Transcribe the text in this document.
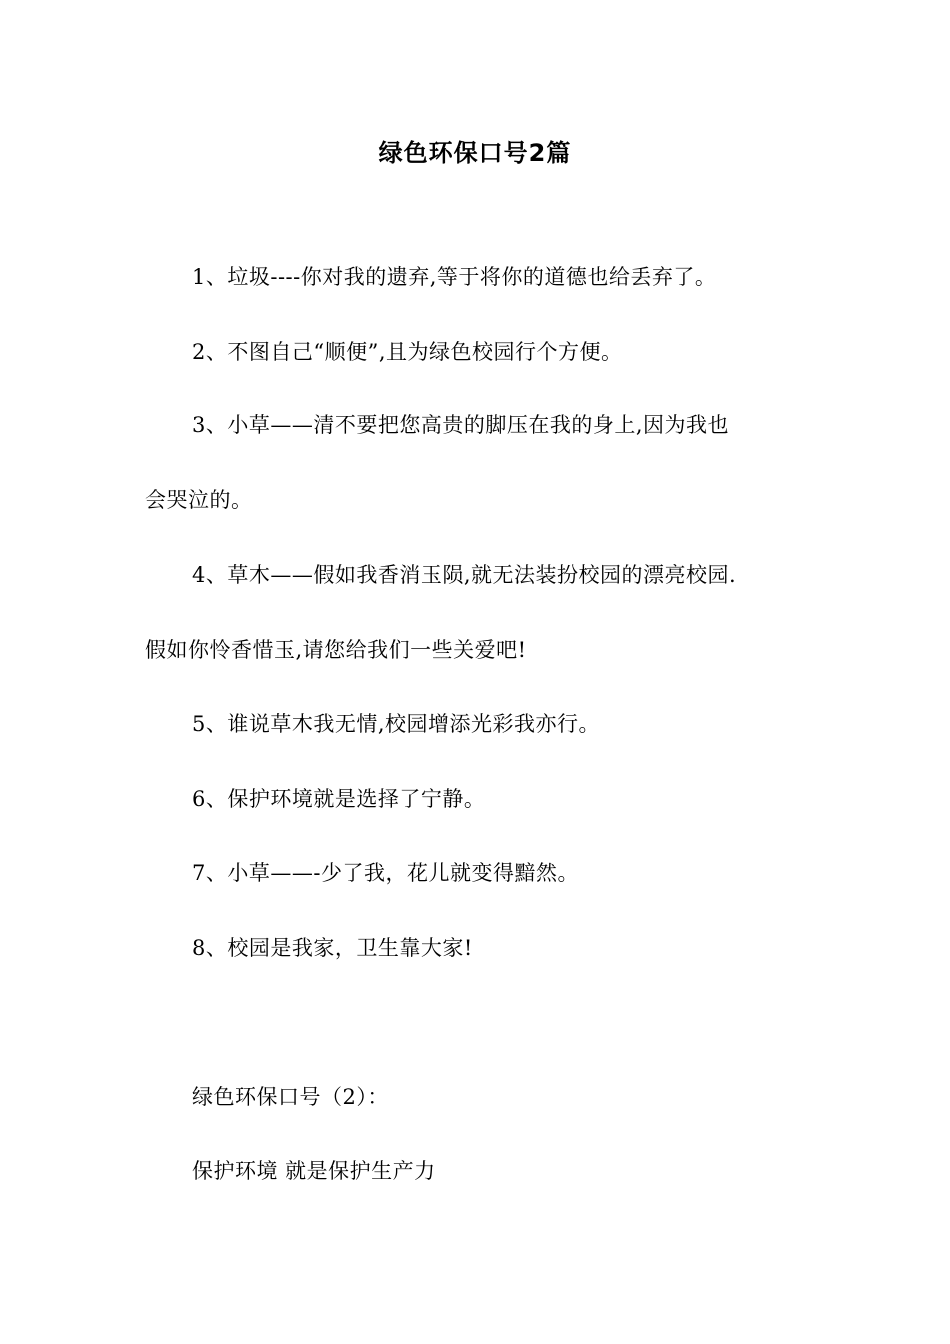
绿色环保口号2篇
1、垃圾----你对我的遗弃,等于将你的道德也给丢弃了。
2、不图自己“顺便”,且为绿色校园行个方便。
3、小草——清不要把您高贵的脚压在我的身上,因为我也
会哭泣的。
4、草木——假如我香消玉陨,就无法装扮校园的漂亮校园.
假如你怜香惜玉,请您给我们一些关爱吧!
5、谁说草木我无情,校园增添光彩我亦行。
6、保护环境就是选择了宁静。
7、小草——-少了我，花儿就变得黯然。
8、校园是我家，卫生靠大家!
绿色环保口号（2）：
保护环境 就是保护生产力
